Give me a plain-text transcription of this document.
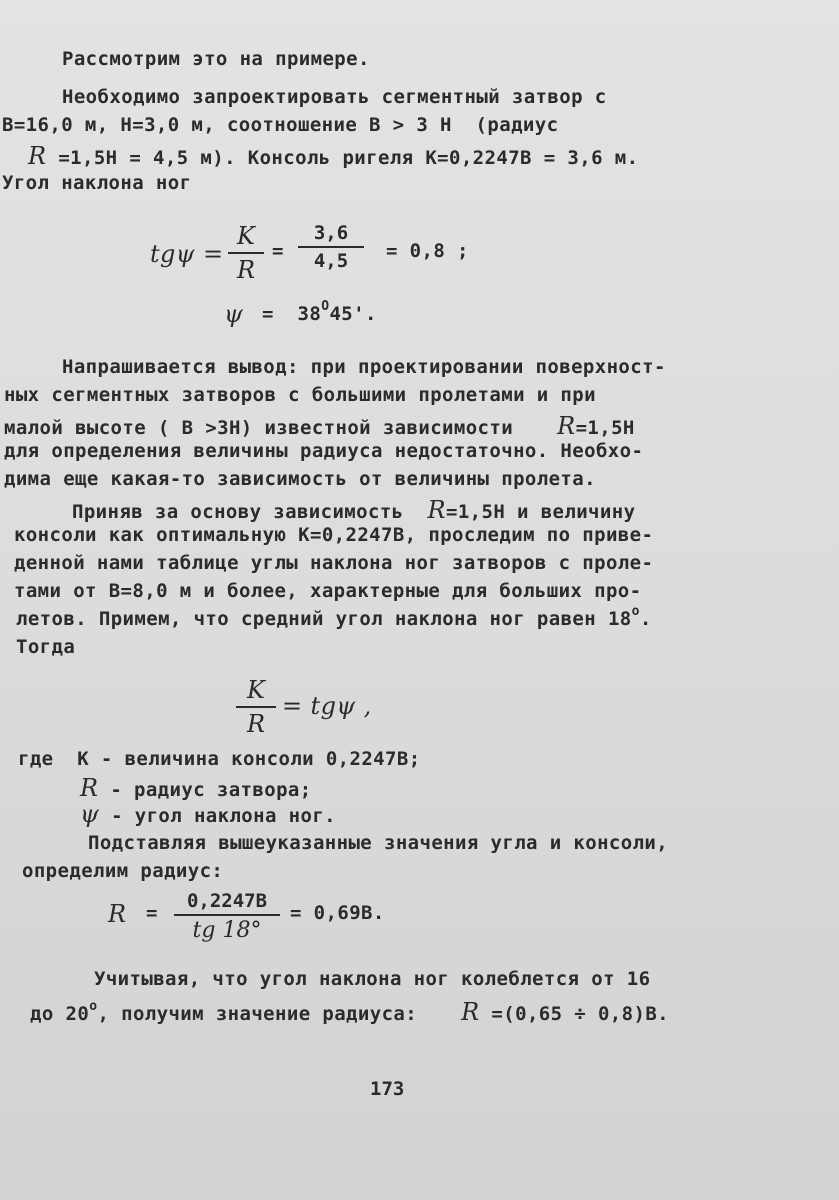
Рассмотрим это на примере.
Необходимо запроектировать сегментный затвор с
В=16,0 м, Н=3,0 м, соотношение В > 3 Н  (радиус
R =1,5Н = 4,5 м). Консоль ригеля К=0,2247В = 3,6 м.
Угол наклона ног
tgψ =
K
R
=
3,6
4,5	= 0,8 ;
$\psi = 38^O45'$.
Напрашивается вывод: при проектировании поверхност-
ных сегментных затворов с большими пролетами и при
малой высоте ( В >3Н) известной зависимости R=1,5Н
для определения величины радиуса недостаточно. Необхо-
дима еще какая-то зависимость от величины пролета.
Приняв за основу зависимость R=1,5Н и величину
консоли как оптимальную К=0,2247В, проследим по приве-
денной нами таблице углы наклона ног затворов с проле-
тами от В=8,0 м и более, характерные для больших про-
летов. Примем, что средний угол наклона ног равен 18$^o$.
Тогда
K
R
= tgψ ,
где  К - величина консоли 0,2247В;
R - радиус затвора;
ψ - угол наклона ног.
Подставляя вышеуказанные значения угла и консоли,
определим радиус:
R =
0,2247В
tg 18°
= 0,69В.
Учитывая, что угол наклона ног колеблется от 16
до 20$^o$, получим значение радиуса: R =(0,65 ÷ 0,8)В.
173
